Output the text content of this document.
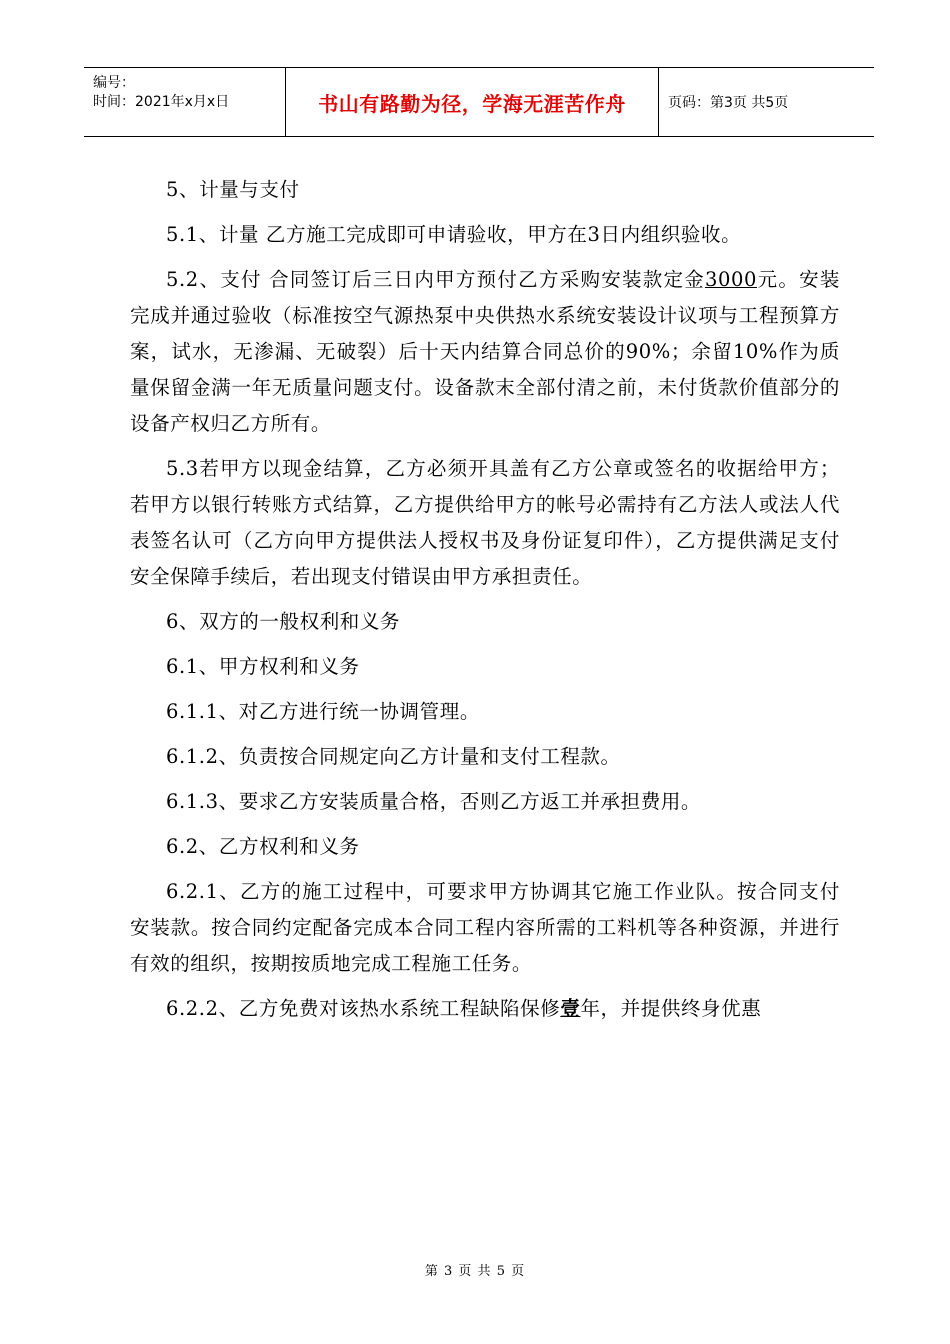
编号：
时间：2021年x月x日	书山有路勤为径，学海无涯苦作舟	页码：第3页 共5页

5、计量与支付

5.1、计量 乙方施工完成即可申请验收，甲方在3日内组织验收。

5.2、支付 合同签订后三日内甲方预付乙方采购安装款定金3000元。安装完成并通过验收（标准按空气源热泵中央供热水系统安装设计议项与工程预算方案，试水，无渗漏、无破裂）后十天内结算合同总价的90%；余留10%作为质量保留金满一年无质量问题支付。设备款末全部付清之前，未付货款价值部分的设备产权归乙方所有。

5.3若甲方以现金结算，乙方必须开具盖有乙方公章或签名的收据给甲方；若甲方以银行转账方式结算，乙方提供给甲方的帐号必需持有乙方法人或法人代表签名认可（乙方向甲方提供法人授权书及身份证复印件），乙方提供满足支付安全保障手续后，若出现支付错误由甲方承担责任。

6、双方的一般权利和义务

6.1、甲方权利和义务

6.1.1、对乙方进行统一协调管理。

6.1.2、负责按合同规定向乙方计量和支付工程款。

6.1.3、要求乙方安装质量合格，否则乙方返工并承担费用。

6.2、乙方权利和义务

6.2.1、乙方的施工过程中，可要求甲方协调其它施工作业队。按合同支付安装款。按合同约定配备完成本合同工程内容所需的工料机等各种资源，并进行有效的组织，按期按质地完成工程施工任务。

6.2.2、乙方免费对该热水系统工程缺陷保修壹年，并提供终身优惠

第 3 页 共 5 页
